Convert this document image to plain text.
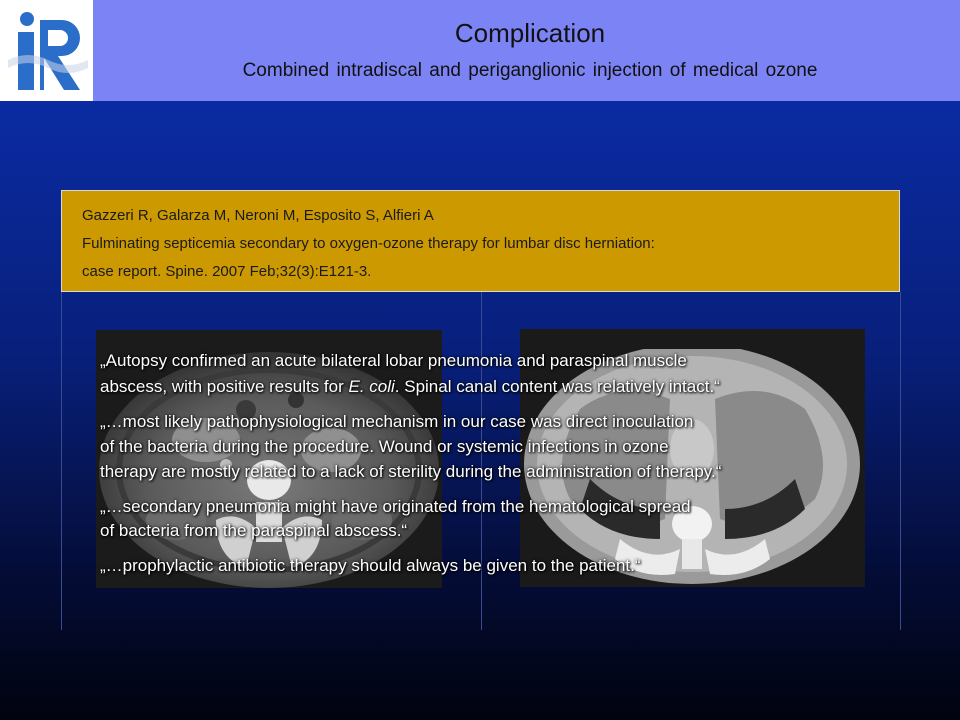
Complication
Combined intradiscal and periganglionic injection of medical ozone
Gazzeri R, Galarza M, Neroni M, Esposito S, Alfieri A
Fulminating septicemia secondary to oxygen-ozone therapy for lumbar disc herniation:
case report. Spine. 2007 Feb;32(3):E121-3.
„Autopsy confirmed an acute bilateral lobar pneumonia and paraspinal muscle
abscess, with positive results for E. coli. Spinal canal content was relatively intact.“
„…most likely pathophysiological mechanism in our case was direct inoculation
of the bacteria during the procedure. Wound or systemic infections in ozone
therapy are mostly related to a lack of sterility during the administration of therapy.“
„…secondary pneumonia might have originated from the hematological spread
of bacteria from the paraspinal abscess.“
„…prophylactic antibiotic therapy should always be given to the patient.“
